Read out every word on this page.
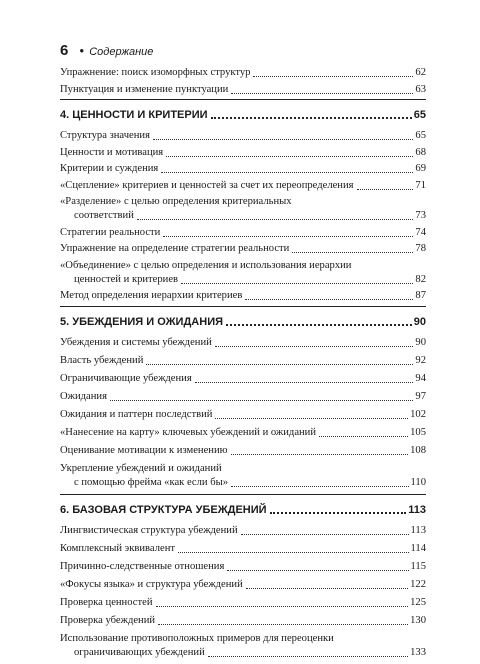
6 ● Содержание
Упражнение: поиск изоморфных структур	62
Пунктуация и изменение пунктуации	63
4. ЦЕННОСТИ И КРИТЕРИИ	65
Структура значения	65
Ценности и мотивация	68
Критерии и суждения	69
«Сцепление» критериев и ценностей за счет их переопределения	71
«Разделение» с целью определения критериальных
соответствий	73
Стратегии реальности	74
Упражнение на определение стратегии реальности	78
«Объединение» с целью определения и использования иерархии
ценностей и критериев	82
Метод определения иерархии критериев	87
5. УБЕЖДЕНИЯ И ОЖИДАНИЯ	90
Убеждения и системы убеждений	90
Власть убеждений	92
Ограничивающие убеждения	94
Ожидания	97
Ожидания и паттерн последствий	102
«Нанесение на карту» ключевых убеждений и ожиданий	105
Оценивание мотивации к изменению	108
Укрепление убеждений и ожиданий
с помощью фрейма «как если бы»	110
6. БАЗОВАЯ СТРУКТУРА УБЕЖДЕНИЙ	113
Лингвистическая структура убеждений	113
Комплексный эквивалент	114
Причинно-следственные отношения	115
«Фокусы языка» и структура убеждений	122
Проверка ценностей	125
Проверка убеждений	130
Использование противоположных примеров для переоценки
ограничивающих убеждений	133
